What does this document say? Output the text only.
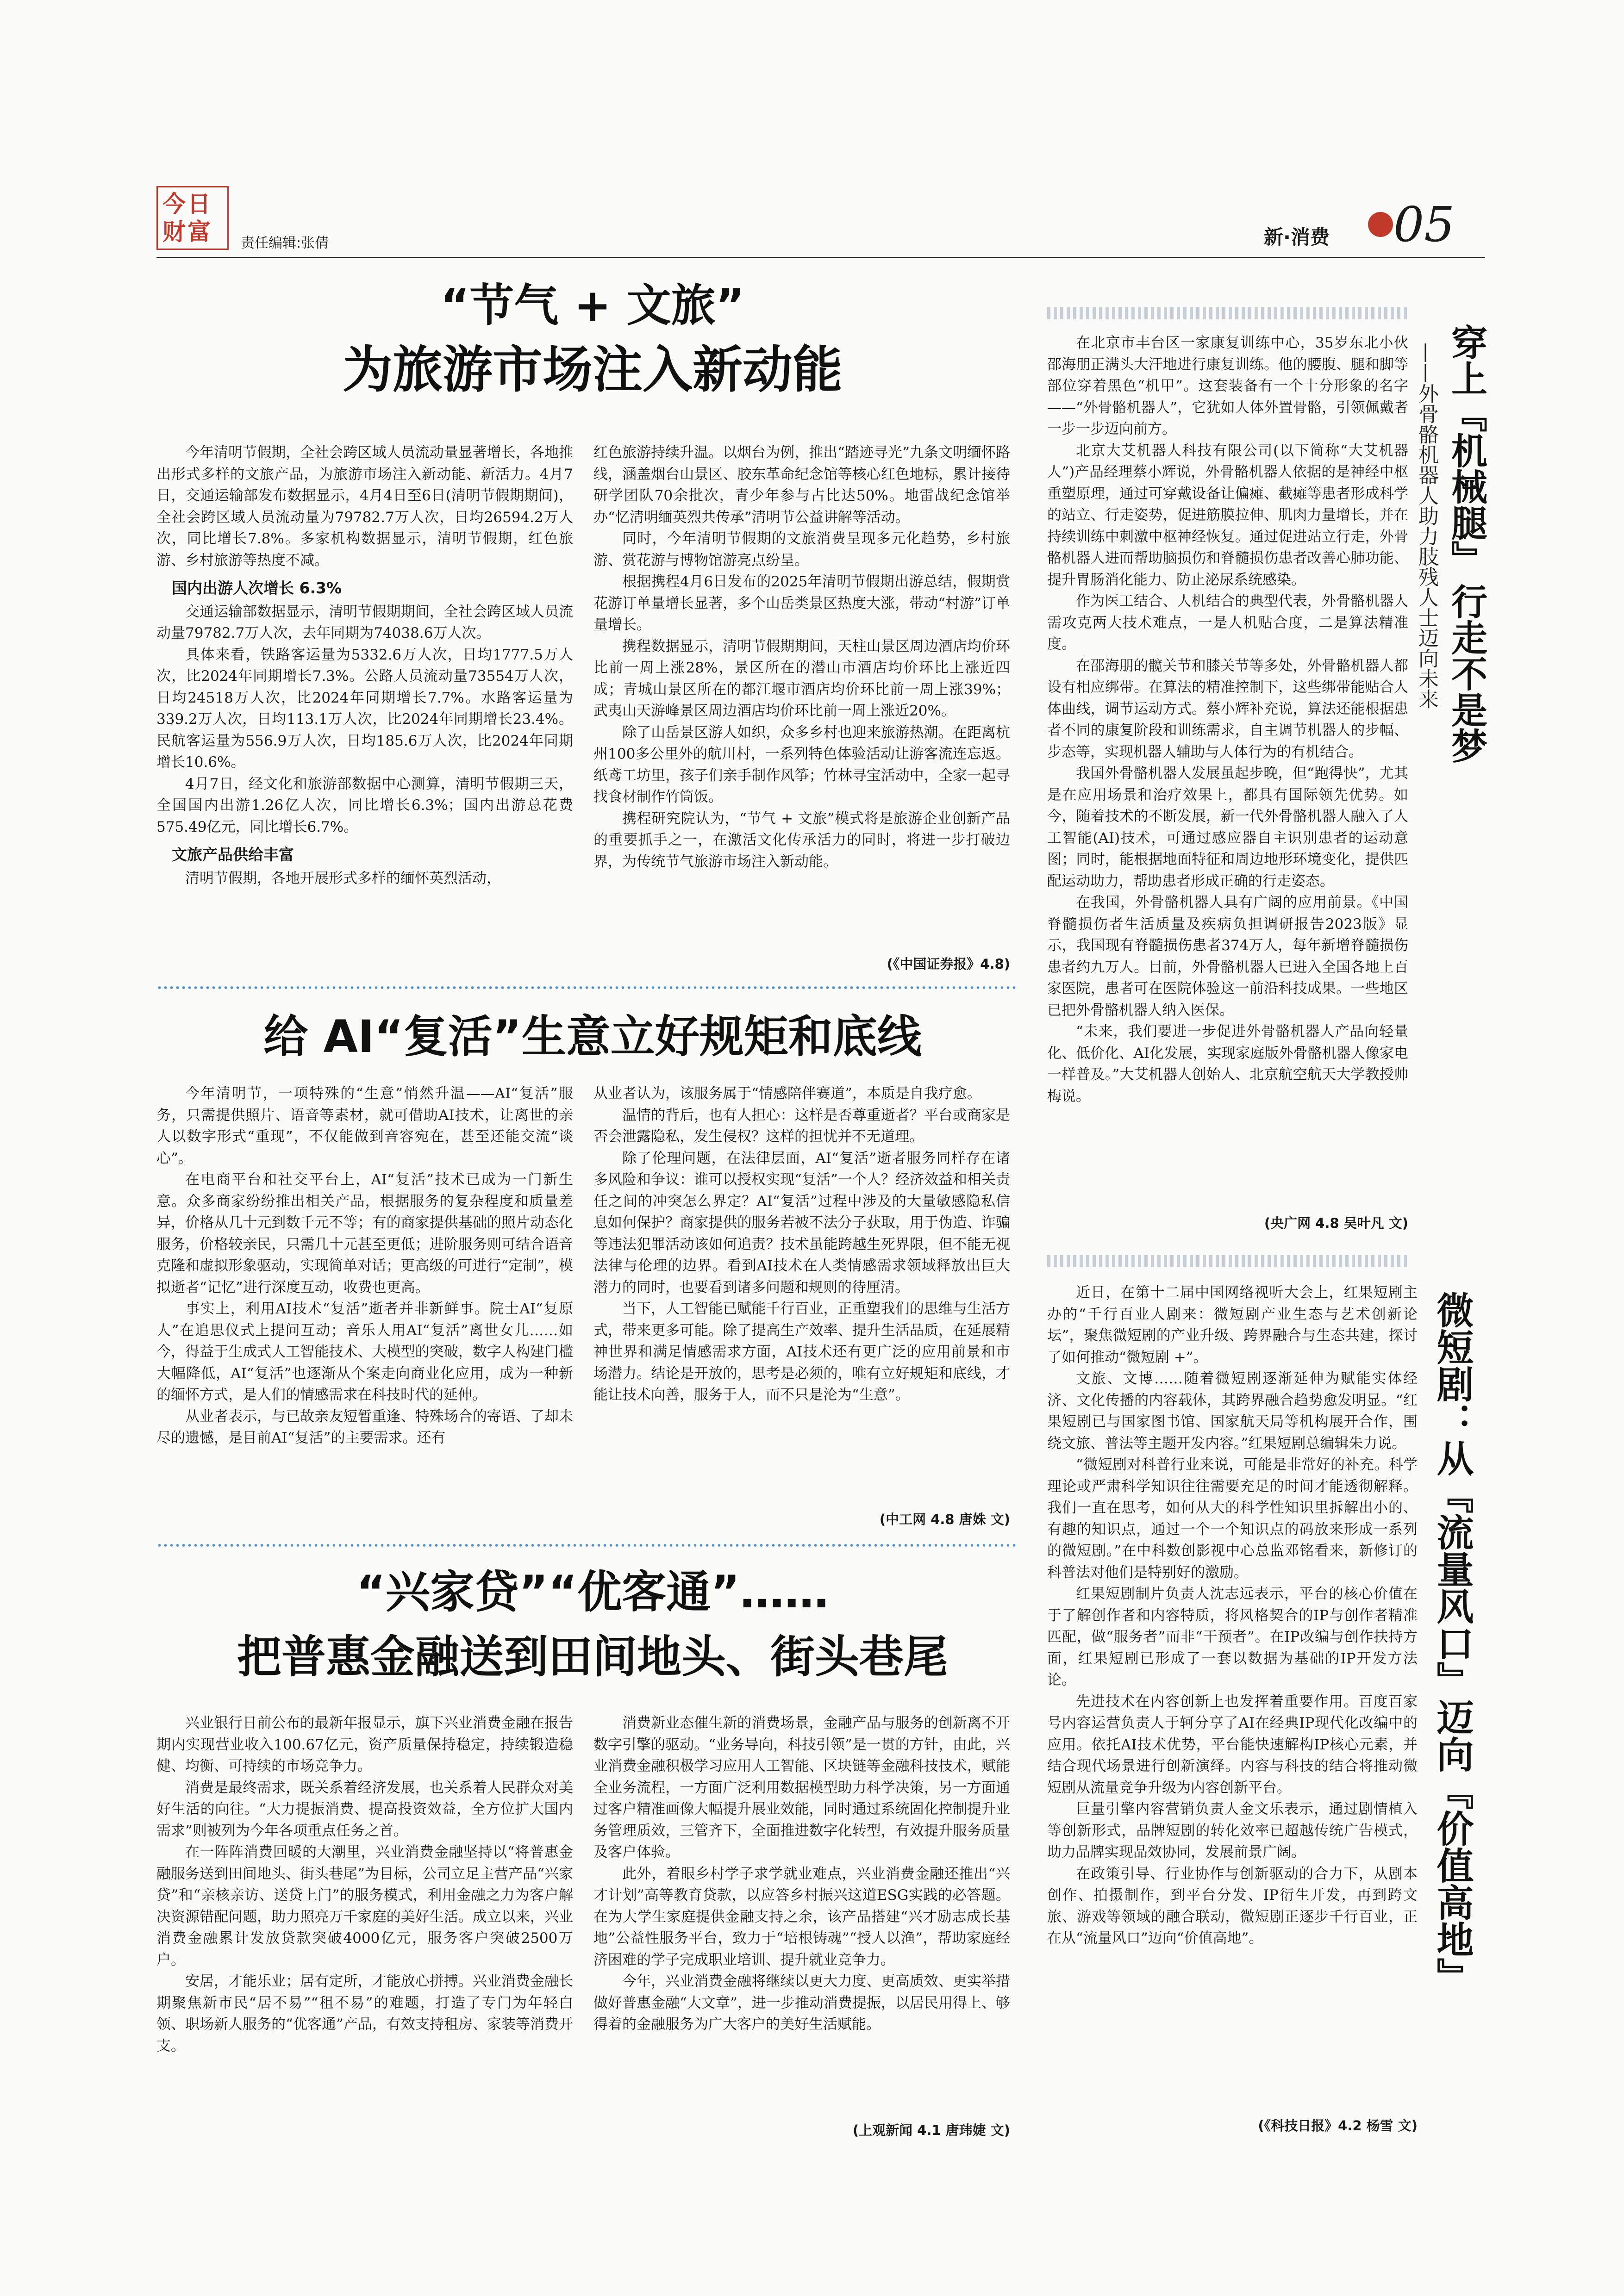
今日
财富 责任编辑:张倩	新·消费 05
“节气 + 文旅”
为旅游市场注入新动能

今年清明节假期，全社会跨区域人员流动量显著增长，各地推出形式多样的文旅产品，为旅游市场注入新动能、新活力。4月7日，交通运输部发布数据显示，4月4日至6日(清明节假期期间)，全社会跨区域人员流动量为79782.7万人次，日均26594.2万人次，同比增长7.8%。多家机构数据显示，清明节假期，红色旅游、乡村旅游等热度不减。

国内出游人次增长 6.3%

交通运输部数据显示，清明节假期期间，全社会跨区域人员流动量79782.7万人次，去年同期为74038.6万人次。

具体来看，铁路客运量为5332.6万人次，日均1777.5万人次，比2024年同期增长7.3%。公路人员流动量73554万人次，日均24518万人次，比2024年同期增长7.7%。水路客运量为339.2万人次，日均113.1万人次，比2024年同期增长23.4%。民航客运量为556.9万人次，日均185.6万人次，比2024年同期增长10.6%。

4月7日，经文化和旅游部数据中心测算，清明节假期三天，全国国内出游1.26亿人次，同比增长6.3%；国内出游总花费575.49亿元，同比增长6.7%。

文旅产品供给丰富

清明节假期，各地开展形式多样的缅怀英烈活动，

红色旅游持续升温。以烟台为例，推出“踏迹寻光”九条文明缅怀路线，涵盖烟台山景区、胶东革命纪念馆等核心红色地标，累计接待研学团队70余批次，青少年参与占比达50%。地雷战纪念馆举办“忆清明缅英烈共传承”清明节公益讲解等活动。

同时，今年清明节假期的文旅消费呈现多元化趋势，乡村旅游、赏花游与博物馆游亮点纷呈。

根据携程4月6日发布的2025年清明节假期出游总结，假期赏花游订单量增长显著，多个山岳类景区热度大涨，带动“村游”订单量增长。

携程数据显示，清明节假期期间，天柱山景区周边酒店均价环比前一周上涨28%，景区所在的潜山市酒店均价环比上涨近四成；青城山景区所在的都江堰市酒店均价环比前一周上涨39%；武夷山天游峰景区周边酒店均价环比前一周上涨近20%。

除了山岳景区游人如织，众多乡村也迎来旅游热潮。在距离杭州100多公里外的航川村，一系列特色体验活动让游客流连忘返。纸鸢工坊里，孩子们亲手制作风筝；竹林寻宝活动中，全家一起寻找食材制作竹筒饭。

携程研究院认为，“节气 + 文旅”模式将是旅游企业创新产品的重要抓手之一，在激活文化传承活力的同时，将进一步打破边界，为传统节气旅游市场注入新动能。

(《中国证券报》4.8)
给 AI“复活”生意立好规矩和底线

今年清明节，一项特殊的“生意”悄然升温——AI“复活”服务，只需提供照片、语音等素材，就可借助AI技术，让离世的亲人以数字形式“重现”，不仅能做到音容宛在，甚至还能交流“谈心”。

在电商平台和社交平台上，AI“复活”技术已成为一门新生意。众多商家纷纷推出相关产品，根据服务的复杂程度和质量差异，价格从几十元到数千元不等；有的商家提供基础的照片动态化服务，价格较亲民，只需几十元甚至更低；进阶服务则可结合语音克隆和虚拟形象驱动，实现简单对话；更高级的可进行“定制”，模拟逝者“记忆”进行深度互动，收费也更高。

事实上，利用AI技术“复活”逝者并非新鲜事。院士AI“复原人”在追思仪式上提问互动；音乐人用AI“复活”离世女儿……如今，得益于生成式人工智能技术、大模型的突破，数字人构建门槛大幅降低，AI“复活”也逐渐从个案走向商业化应用，成为一种新的缅怀方式，是人们的情感需求在科技时代的延伸。

从业者表示，与已故亲友短暂重逢、特殊场合的寄语、了却未尽的遗憾，是目前AI“复活”的主要需求。还有

从业者认为，该服务属于“情感陪伴赛道”，本质是自我疗愈。

温情的背后，也有人担心：这样是否尊重逝者？平台或商家是否会泄露隐私，发生侵权？这样的担忧并不无道理。

除了伦理问题，在法律层面，AI“复活”逝者服务同样存在诸多风险和争议：谁可以授权实现“复活”一个人？经济效益和相关责任之间的冲突怎么界定？AI“复活”过程中涉及的大量敏感隐私信息如何保护？商家提供的服务若被不法分子获取，用于伪造、诈骗等违法犯罪活动该如何追责？技术虽能跨越生死界限，但不能无视法律与伦理的边界。看到AI技术在人类情感需求领域释放出巨大潜力的同时，也要看到诸多问题和规则的待厘清。

当下，人工智能已赋能千行百业，正重塑我们的思维与生活方式，带来更多可能。除了提高生产效率、提升生活品质，在延展精神世界和满足情感需求方面，AI技术还有更广泛的应用前景和市场潜力。结论是开放的，思考是必须的，唯有立好规矩和底线，才能让技术向善，服务于人，而不只是沦为“生意”。

(中工网 4.8 唐姝 文)
“兴家贷”“优客通”……
把普惠金融送到田间地头、街头巷尾

兴业银行日前公布的最新年报显示，旗下兴业消费金融在报告期内实现营业收入100.67亿元，资产质量保持稳定，持续锻造稳健、均衡、可持续的市场竞争力。

消费是最终需求，既关系着经济发展，也关系着人民群众对美好生活的向往。“大力提振消费、提高投资效益，全方位扩大国内需求”则被列为今年各项重点任务之首。

在一阵阵消费回暖的大潮里，兴业消费金融坚持以“将普惠金融服务送到田间地头、街头巷尾”为目标，公司立足主营产品“兴家贷”和“亲核亲访、送贷上门”的服务模式，利用金融之力为客户解决资源错配问题，助力照亮万千家庭的美好生活。成立以来，兴业消费金融累计发放贷款突破4000亿元，服务客户突破2500万户。

安居，才能乐业；居有定所，才能放心拼搏。兴业消费金融长期聚焦新市民“居不易”“租不易”的难题，打造了专门为年轻白领、职场新人服务的“优客通”产品，有效支持租房、家装等消费开支。

消费新业态催生新的消费场景，金融产品与服务的创新离不开数字引擎的驱动。“业务导向，科技引领”是一贯的方针，由此，兴业消费金融积极学习应用人工智能、区块链等金融科技技术，赋能全业务流程，一方面广泛利用数据模型助力科学决策，另一方面通过客户精准画像大幅提升展业效能，同时通过系统固化控制提升业务管理质效，三管齐下，全面推进数字化转型，有效提升服务质量及客户体验。

此外，着眼乡村学子求学就业难点，兴业消费金融还推出“兴才计划”高等教育贷款，以应答乡村振兴这道ESG实践的必答题。在为大学生家庭提供金融支持之余，该产品搭建“兴才励志成长基地”公益性服务平台，致力于“培根铸魂”“授人以渔”，帮助家庭经济困难的学子完成职业培训、提升就业竞争力。

今年，兴业消费金融将继续以更大力度、更高质效、更实举措做好普惠金融“大文章”，进一步推动消费提振，以居民用得上、够得着的金融服务为广大客户的美好生活赋能。

(上观新闻 4.1 唐玮婕 文)

在北京市丰台区一家康复训练中心，35岁东北小伙邵海朋正满头大汗地进行康复训练。他的腰腹、腿和脚等部位穿着黑色“机甲”。这套装备有一个十分形象的名字——“外骨骼机器人”，它犹如人体外置骨骼，引领佩戴者一步一步迈向前方。

北京大艾机器人科技有限公司(以下简称“大艾机器人”)产品经理蔡小辉说，外骨骼机器人依据的是神经中枢重塑原理，通过可穿戴设备让偏瘫、截瘫等患者形成科学的站立、行走姿势，促进筋膜拉伸、肌肉力量增长，并在持续训练中刺激中枢神经恢复。通过促进站立行走，外骨骼机器人进而帮助脑损伤和脊髓损伤患者改善心肺功能、提升胃肠消化能力、防止泌尿系统感染。

作为医工结合、人机结合的典型代表，外骨骼机器人需攻克两大技术难点，一是人机贴合度，二是算法精准度。

在邵海朋的髋关节和膝关节等多处，外骨骼机器人都设有相应绑带。在算法的精准控制下，这些绑带能贴合人体曲线，调节运动方式。蔡小辉补充说，算法还能根据患者不同的康复阶段和训练需求，自主调节机器人的步幅、步态等，实现机器人辅助与人体行为的有机结合。

我国外骨骼机器人发展虽起步晚，但“跑得快”，尤其是在应用场景和治疗效果上，都具有国际领先优势。如今，随着技术的不断发展，新一代外骨骼机器人融入了人工智能(AI)技术，可通过感应器自主识别患者的运动意图；同时，能根据地面特征和周边地形环境变化，提供匹配运动助力，帮助患者形成正确的行走姿态。

在我国，外骨骼机器人具有广阔的应用前景。《中国脊髓损伤者生活质量及疾病负担调研报告2023版》显示，我国现有脊髓损伤患者374万人，每年新增脊髓损伤患者约九万人。目前，外骨骼机器人已进入全国各地上百家医院，患者可在医院体验这一前沿科技成果。一些地区已把外骨骼机器人纳入医保。

“未来，我们要进一步促进外骨骼机器人产品向轻量化、低价化、AI化发展，实现家庭版外骨骼机器人像家电一样普及。”大艾机器人创始人、北京航空航天大学教授帅梅说。

(央广网 4.8 吴叶凡 文)
穿上『机械腿』
行走不是梦
——外骨骼机器人助力肢残人士迈向未来

近日，在第十二届中国网络视听大会上，红果短剧主办的“千行百业人剧来：微短剧产业生态与艺术创新论坛”，聚焦微短剧的产业升级、跨界融合与生态共建，探讨了如何推动“微短剧 +”。

文旅、文博……随着微短剧逐渐延伸为赋能实体经济、文化传播的内容载体，其跨界融合趋势愈发明显。“红果短剧已与国家图书馆、国家航天局等机构展开合作，围绕文旅、普法等主题开发内容。”红果短剧总编辑朱力说。

“微短剧对科普行业来说，可能是非常好的补充。科学理论或严肃科学知识往往需要充足的时间才能透彻解释。我们一直在思考，如何从大的科学性知识里拆解出小的、有趣的知识点，通过一个一个知识点的码放来形成一系列的微短剧。”在中科数创影视中心总监邓铭看来，新修订的科普法对他们是特别好的激励。

红果短剧制片负责人沈志远表示，平台的核心价值在于了解创作者和内容特质，将风格契合的IP与创作者精准匹配，做“服务者”而非“干预者”。在IP改编与创作扶持方面，红果短剧已形成了一套以数据为基础的IP开发方法论。

先进技术在内容创新上也发挥着重要作用。百度百家号内容运营负责人于轲分享了AI在经典IP现代化改编中的应用。依托AI技术优势，平台能快速解构IP核心元素，并结合现代场景进行创新演绎。内容与科技的结合将推动微短剧从流量竞争升级为内容创新平台。

巨量引擎内容营销负责人金文乐表示，通过剧情植入等创新形式，品牌短剧的转化效率已超越传统广告模式，助力品牌实现品效协同，发展前景广阔。

在政策引导、行业协作与创新驱动的合力下，从剧本创作、拍摄制作，到平台分发、IP衍生开发，再到跨文旅、游戏等领域的融合联动，微短剧正逐步千行百业，正在从“流量风口”迈向“价值高地”。

(《科技日报》4.2 杨雪 文)
微短剧：从『流量风口』迈向『价值高地』
